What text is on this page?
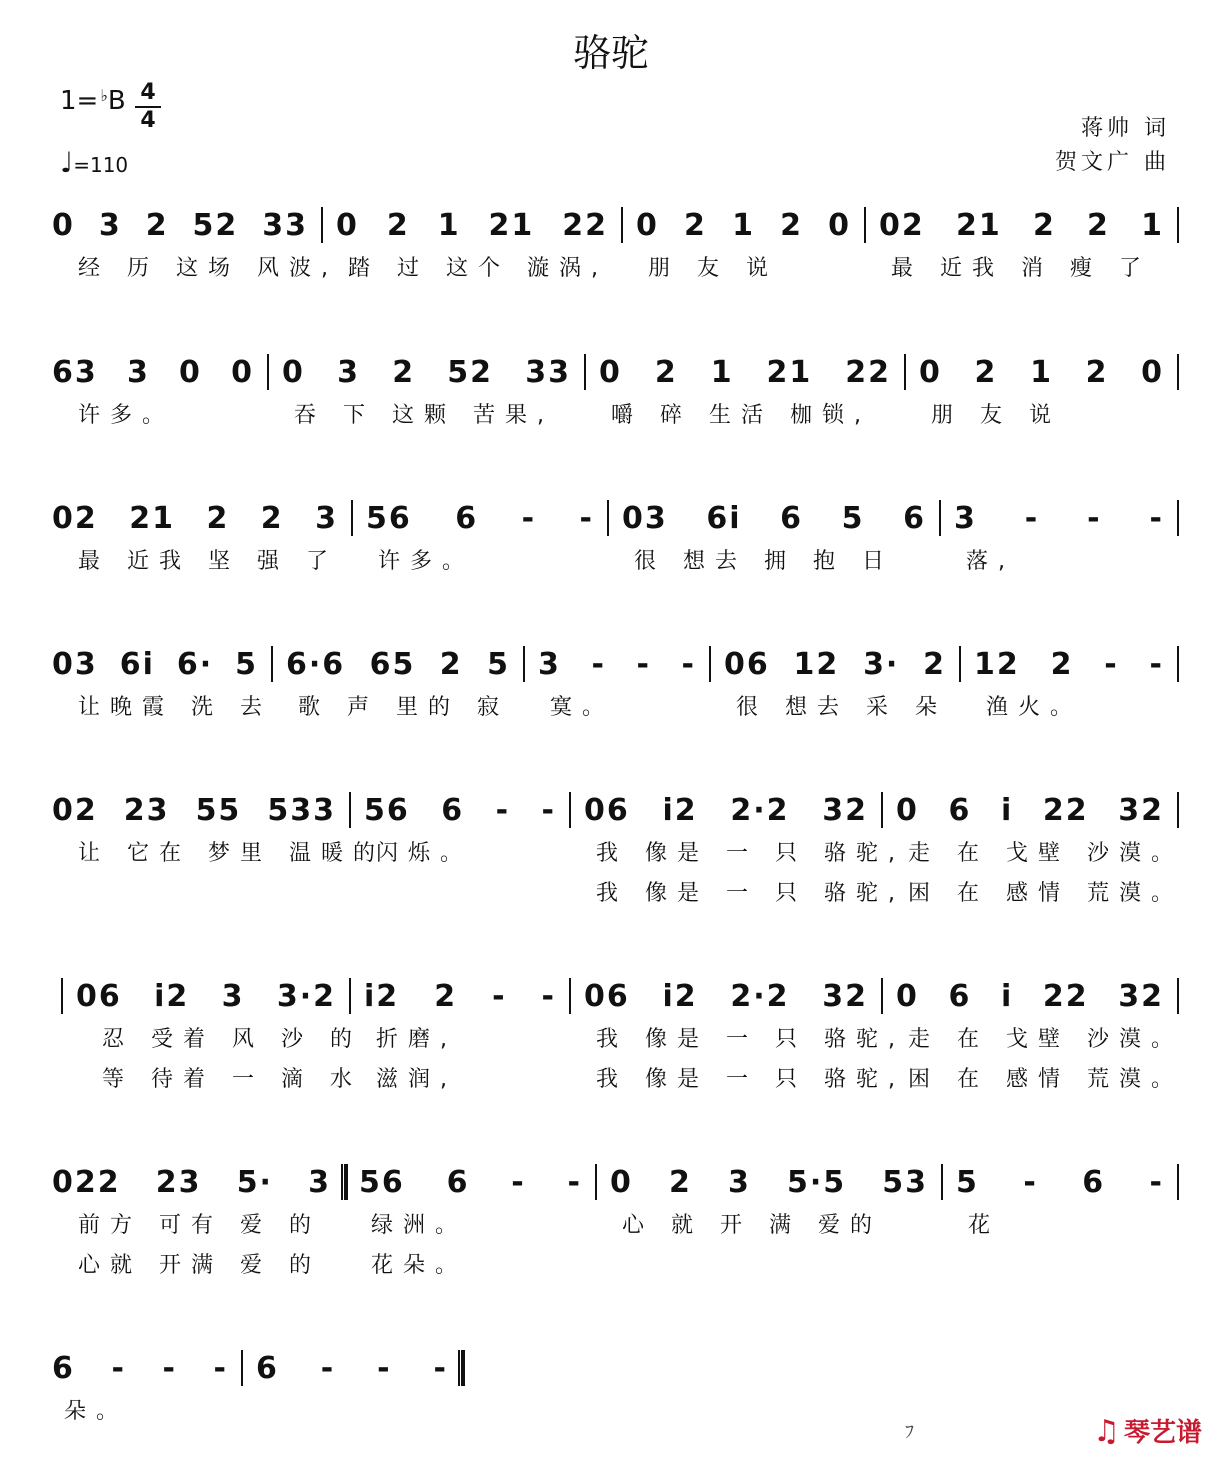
骆驼
1= ♭B 4
4
♩=110
蒋帅 词
贺文广 曲
0 3 2 52 33 0 2 1 21 22 0 2 1 2 0 02 21 2 2 1
经 历 这场 风波, 踏 过 这个 漩涡,	朋 友 说	最 近我 消 瘦 了
63 3 0 0 0 3 2 52 33 0 2 1 21 22 0 2 1 2 0
许多。	吞 下 这颗 苦果,	嚼 碎 生活 枷锁,	朋 友 说
02 21 2 2 3 56 6 - - 03 6i 6 5 6 3 - - -
最 近我 坚 强 了	许多。	很 想去 拥 抱 日	落,
03 6i 6· 5 6·6 65 2 5 3 - - - 06 12 3· 2 12 2 - -
让晚霞 洗 去	歌 声 里的 寂	寞。	很 想去 采 朵	渔火。
02 23 55 533 56 6 - - 06 i2 2·2 32 0 6 i 22 32
让 它在 梦里 温暖的
闪烁。	我 像是 一 只 骆驼, 走 在 戈壁 沙漠。
我 像是 一 只 骆驼, 困 在 感情 荒漠。
06 i2 3 3·2 i2 2 - - 06 i2 2·2 32 0 6 i 22 32
忍 受着 风 沙 的 折磨,	我 像是 一 只 骆驼, 走 在 戈壁 沙漠。
等 待着 一 滴 水 滋润,	我 像是 一 只 骆驼, 困 在 感情 荒漠。
022 23 5· 3 56 6 - - 0 2 3 5·5 53 5 - 6 -
前方 可有 爱 的	绿洲。	心 就 开 满 爱的	花
心就 开满 爱 的	花朵。
6 - - - 6 - - -
朵。
ﾌ	♫ 琴艺谱
